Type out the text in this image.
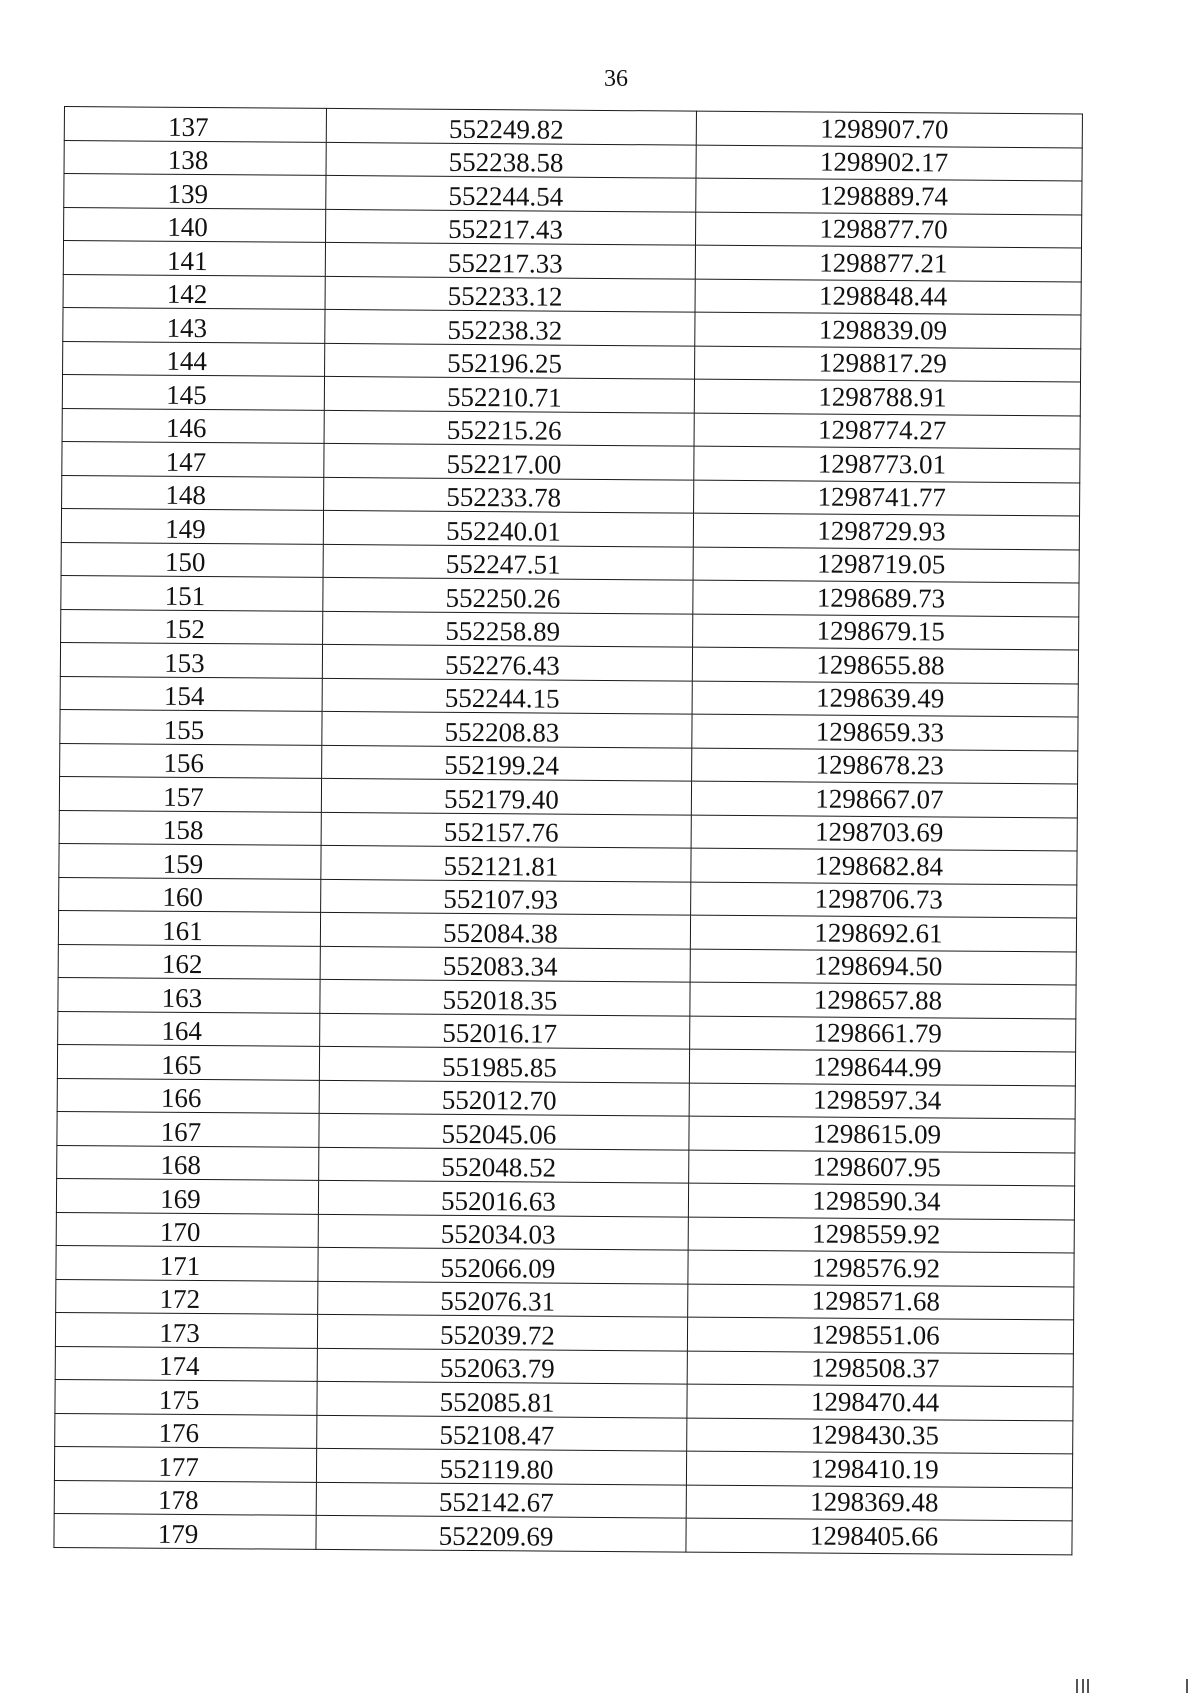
36
137	552249.82	1298907.70
138	552238.58	1298902.17
139	552244.54	1298889.74
140	552217.43	1298877.70
141	552217.33	1298877.21
142	552233.12	1298848.44
143	552238.32	1298839.09
144	552196.25	1298817.29
145	552210.71	1298788.91
146	552215.26	1298774.27
147	552217.00	1298773.01
148	552233.78	1298741.77
149	552240.01	1298729.93
150	552247.51	1298719.05
151	552250.26	1298689.73
152	552258.89	1298679.15
153	552276.43	1298655.88
154	552244.15	1298639.49
155	552208.83	1298659.33
156	552199.24	1298678.23
157	552179.40	1298667.07
158	552157.76	1298703.69
159	552121.81	1298682.84
160	552107.93	1298706.73
161	552084.38	1298692.61
162	552083.34	1298694.50
163	552018.35	1298657.88
164	552016.17	1298661.79
165	551985.85	1298644.99
166	552012.70	1298597.34
167	552045.06	1298615.09
168	552048.52	1298607.95
169	552016.63	1298590.34
170	552034.03	1298559.92
171	552066.09	1298576.92
172	552076.31	1298571.68
173	552039.72	1298551.06
174	552063.79	1298508.37
175	552085.81	1298470.44
176	552108.47	1298430.35
177	552119.80	1298410.19
178	552142.67	1298369.48
179	552209.69	1298405.66
